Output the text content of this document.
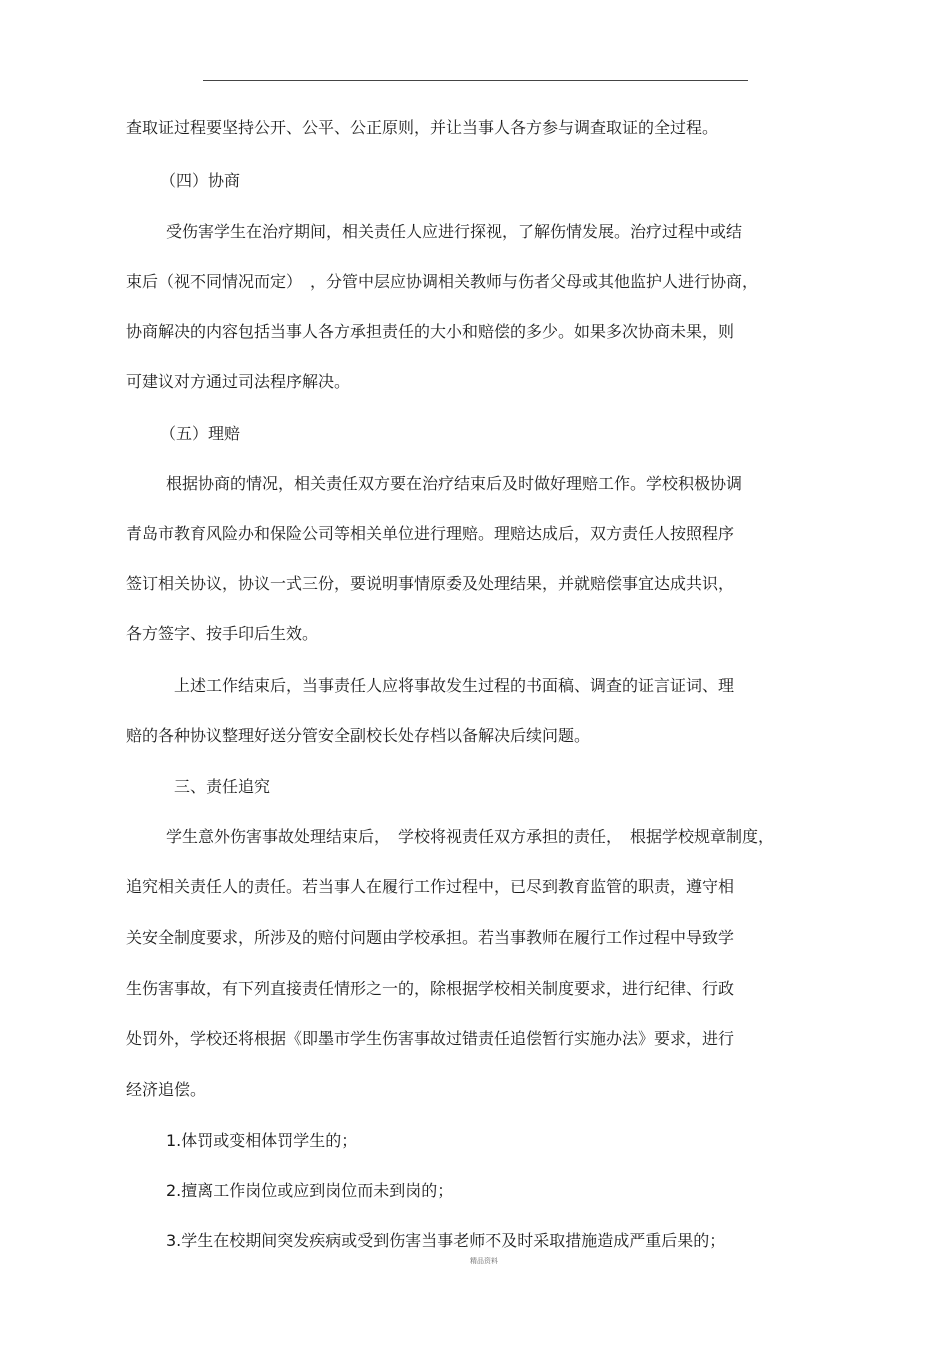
查取证过程要坚持公开、公平、公正原则，并让当事人各方参与调查取证的全过程。
（四）协商
受伤害学生在治疗期间，相关责任人应进行探视，了解伤情发展。治疗过程中或结
束后（视不同情况而定）　，分管中层应协调相关教师与伤者父母或其他监护人进行协商，
协商解决的内容包括当事人各方承担责任的大小和赔偿的多少。如果多次协商未果，则
可建议对方通过司法程序解决。
（五）理赔
根据协商的情况，相关责任双方要在治疗结束后及时做好理赔工作。学校积极协调
青岛市教育风险办和保险公司等相关单位进行理赔。理赔达成后，双方责任人按照程序
签订相关协议，协议一式三份，要说明事情原委及处理结果，并就赔偿事宜达成共识，
各方签字、按手印后生效。
上述工作结束后，当事责任人应将事故发生过程的书面稿、调查的证言证词、理
赔的各种协议整理好送分管安全副校长处存档以备解决后续问题。
三、责任追究
学生意外伤害事故处理结束后，　学校将视责任双方承担的责任，　根据学校规章制度，
追究相关责任人的责任。若当事人在履行工作过程中，已尽到教育监管的职责，遵守相
关安全制度要求，所涉及的赔付问题由学校承担。若当事教师在履行工作过程中导致学
生伤害事故，有下列直接责任情形之一的，除根据学校相关制度要求，进行纪律、行政
处罚外，学校还将根据《即墨市学生伤害事故过错责任追偿暂行实施办法》要求，进行
经济追偿。
1.体罚或变相体罚学生的；
2.擅离工作岗位或应到岗位而未到岗的；
3.学生在校期间突发疾病或受到伤害当事老师不及时采取措施造成严重后果的；
精品资料
